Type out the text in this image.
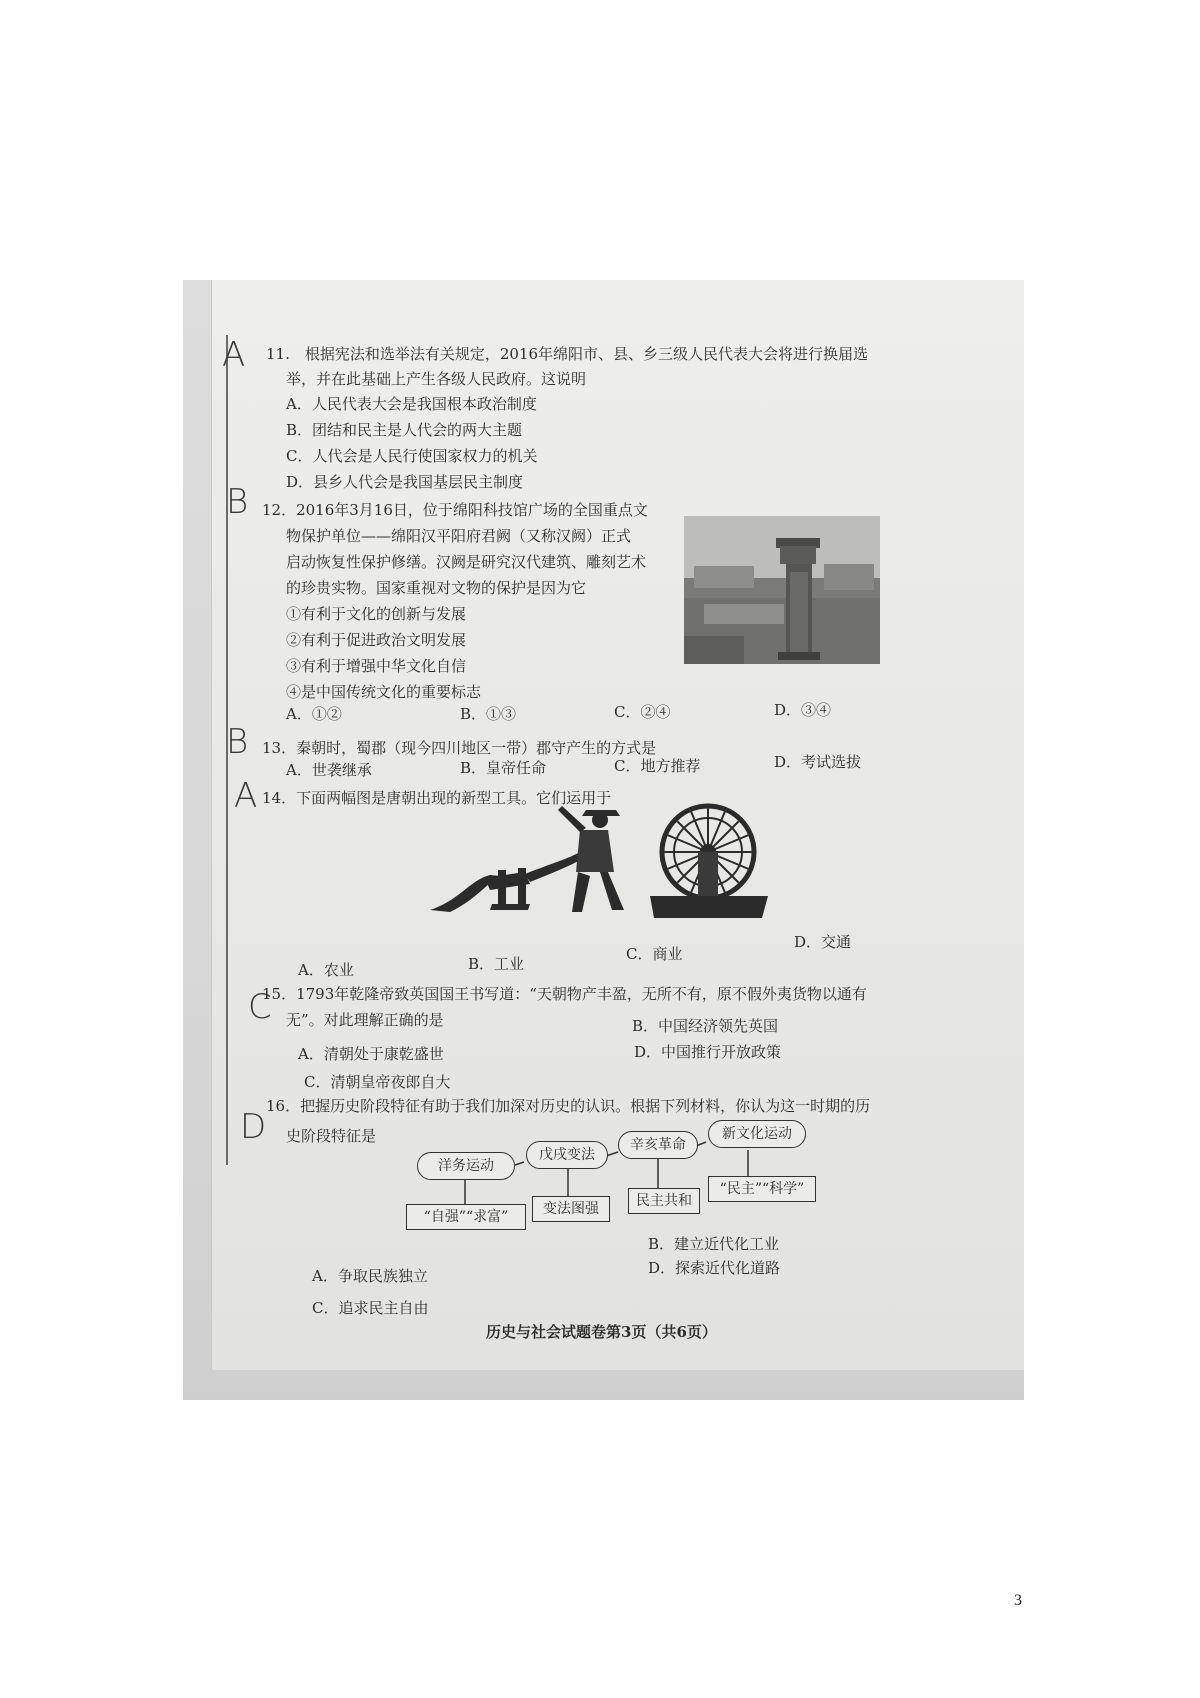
A
B
B
A
C
D
11.　根据宪法和选举法有关规定，2016年绵阳市、县、乡三级人民代表大会将进行换届选
举，并在此基础上产生各级人民政府。这说明
A．人民代表大会是我国根本政治制度
B．团结和民主是人代会的两大主题
C．人代会是人民行使国家权力的机关
D．县乡人代会是我国基层民主制度
12．2016年3月16日，位于绵阳科技馆广场的全国重点文
物保护单位——绵阳汉平阳府君阙（又称汉阙）正式
启动恢复性保护修缮。汉阙是研究汉代建筑、雕刻艺术
的珍贵实物。国家重视对文物的保护是因为它
①有利于文化的创新与发展
②有利于促进政治文明发展
③有利于增强中华文化自信
④是中国传统文化的重要标志
A．①②	B．①③	C．②④	D．③④
13．秦朝时，蜀郡（现今四川地区一带）郡守产生的方式是
A．世袭继承	B．皇帝任命	C．地方推荐	D．考试选拔
14．下面两幅图是唐朝出现的新型工具。它们运用于
A．农业	B．工业
C．商业
D．交通
15．1793年乾隆帝致英国国王书写道：“天朝物产丰盈，无所不有，原不假外夷货物以通有
无”。对此理解正确的是	B．中国经济领先英国
A．清朝处于康乾盛世	D．中国推行开放政策
C．清朝皇帝夜郎自大
16．把握历史阶段特征有助于我们加深对历史的认识。根据下列材料，你认为这一时期的历
史阶段特征是
洋务运动
戊戌变法
辛亥革命
新文化运动
“自强”“求富”	变法图强	民主共和
“民主”“科学”
B．建立近代化工业
D．探索近代化道路
A．争取民族独立
C．追求民主自由
历史与社会试题卷第3页（共6页）
3
